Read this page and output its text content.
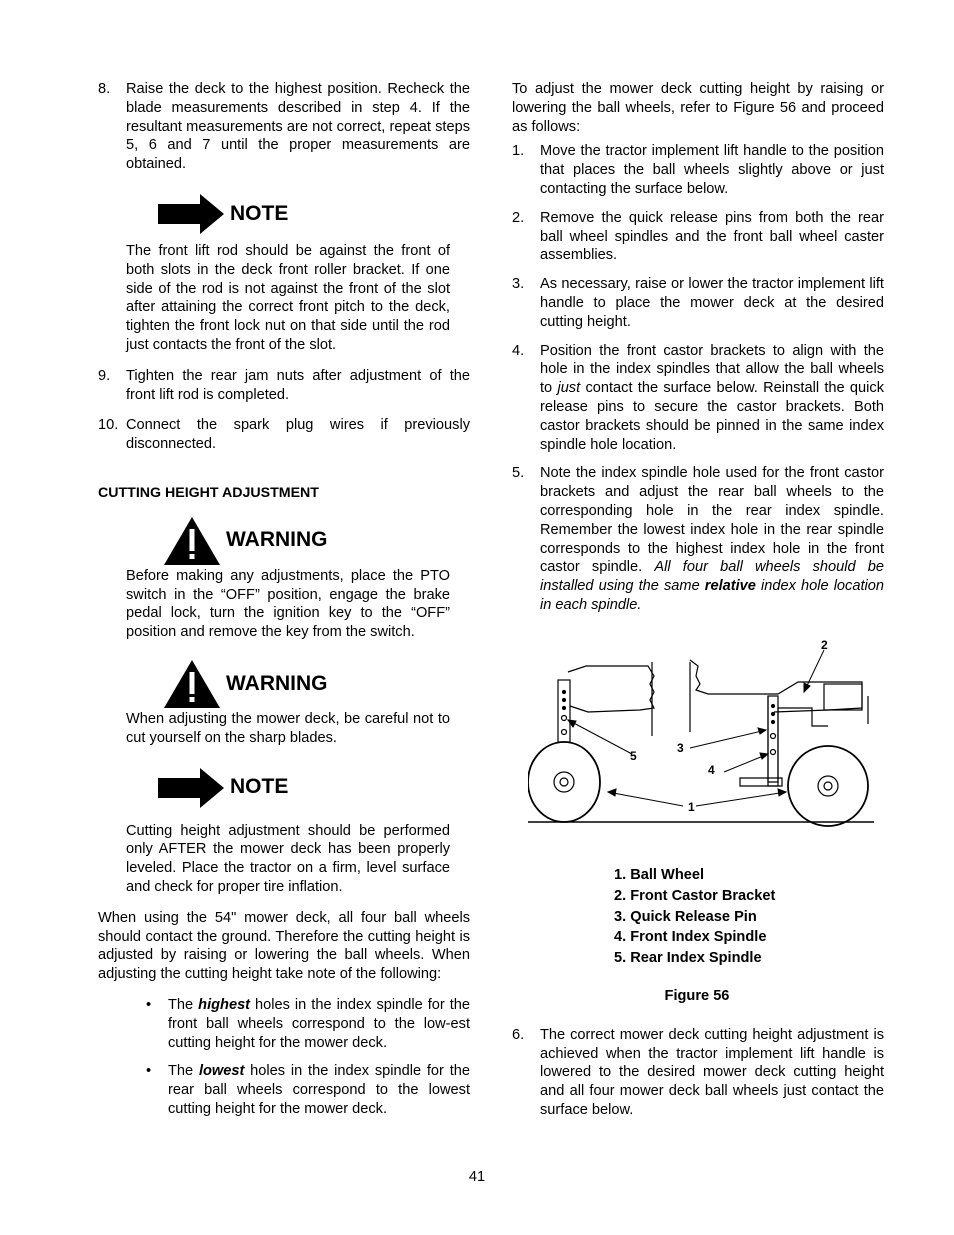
8. Raise the deck to the highest position. Recheck the blade measurements described in step 4. If the resultant measurements are not correct, repeat steps 5, 6 and 7 until the proper measurements are obtained.
NOTE

The front lift rod should be against the front of both slots in the deck front roller bracket. If one side of the rod is not against the front of the slot after attaining the correct front pitch to the deck, tighten the front lock nut on that side until the rod just contacts the front of the slot.

9. Tighten the rear jam nuts after adjustment of the front lift rod is completed.
10. Connect the spark plug wires if previously disconnected.

CUTTING HEIGHT ADJUSTMENT

WARNING

Before making any adjustments, place the PTO switch in the “OFF” position, engage the brake pedal lock, turn the ignition key to the “OFF” position and remove the key from the switch.

WARNING

When adjusting the mower deck, be careful not to cut yourself on the sharp blades.

NOTE

Cutting height adjustment should be performed only AFTER the mower deck has been properly leveled. Place the tractor on a firm, level surface and check for proper tire inflation.

When using the 54" mower deck, all four ball wheels should contact the ground. Therefore the cutting height is adjusted by raising or lowering the ball wheels. When adjusting the cutting height take note of the following:

• The highest holes in the index spindle for the front ball wheels correspond to the low-est cutting height for the mower deck.
• The lowest holes in the index spindle for the rear ball wheels correspond to the lowest cutting height for the mower deck.

To adjust the mower deck cutting height by raising or lowering the ball wheels, refer to Figure 56 and proceed as follows:

1. Move the tractor implement lift handle to the position that places the ball wheels slightly above or just contacting the surface below.
2. Remove the quick release pins from both the rear ball wheel spindles and the front ball wheel caster assemblies.
3. As necessary, raise or lower the tractor implement lift handle to place the mower deck at the desired cutting height.
4. Position the front castor brackets to align with the hole in the index spindles that allow the ball wheels to just contact the surface below. Reinstall the quick release pins to secure the castor brackets. Both castor brackets should be pinned in the same index spindle hole location.
5. Note the index spindle hole used for the front castor brackets and adjust the rear ball wheels to the corresponding hole in the rear index spindle. Remember the lowest index hole in the rear spindle corresponds to the highest index hole in the front castor spindle. All four ball wheels should be installed using the same relative index hole location in each spindle.
1
2
3
4
5
1. Ball Wheel
2. Front Castor Bracket
3. Quick Release Pin
4. Front Index Spindle
5. Rear Index Spindle
Figure 56
6. The correct mower deck cutting height adjustment is achieved when the tractor implement lift handle is lowered to the desired mower deck cutting height and all four mower deck ball wheels just contact the surface below.
41
